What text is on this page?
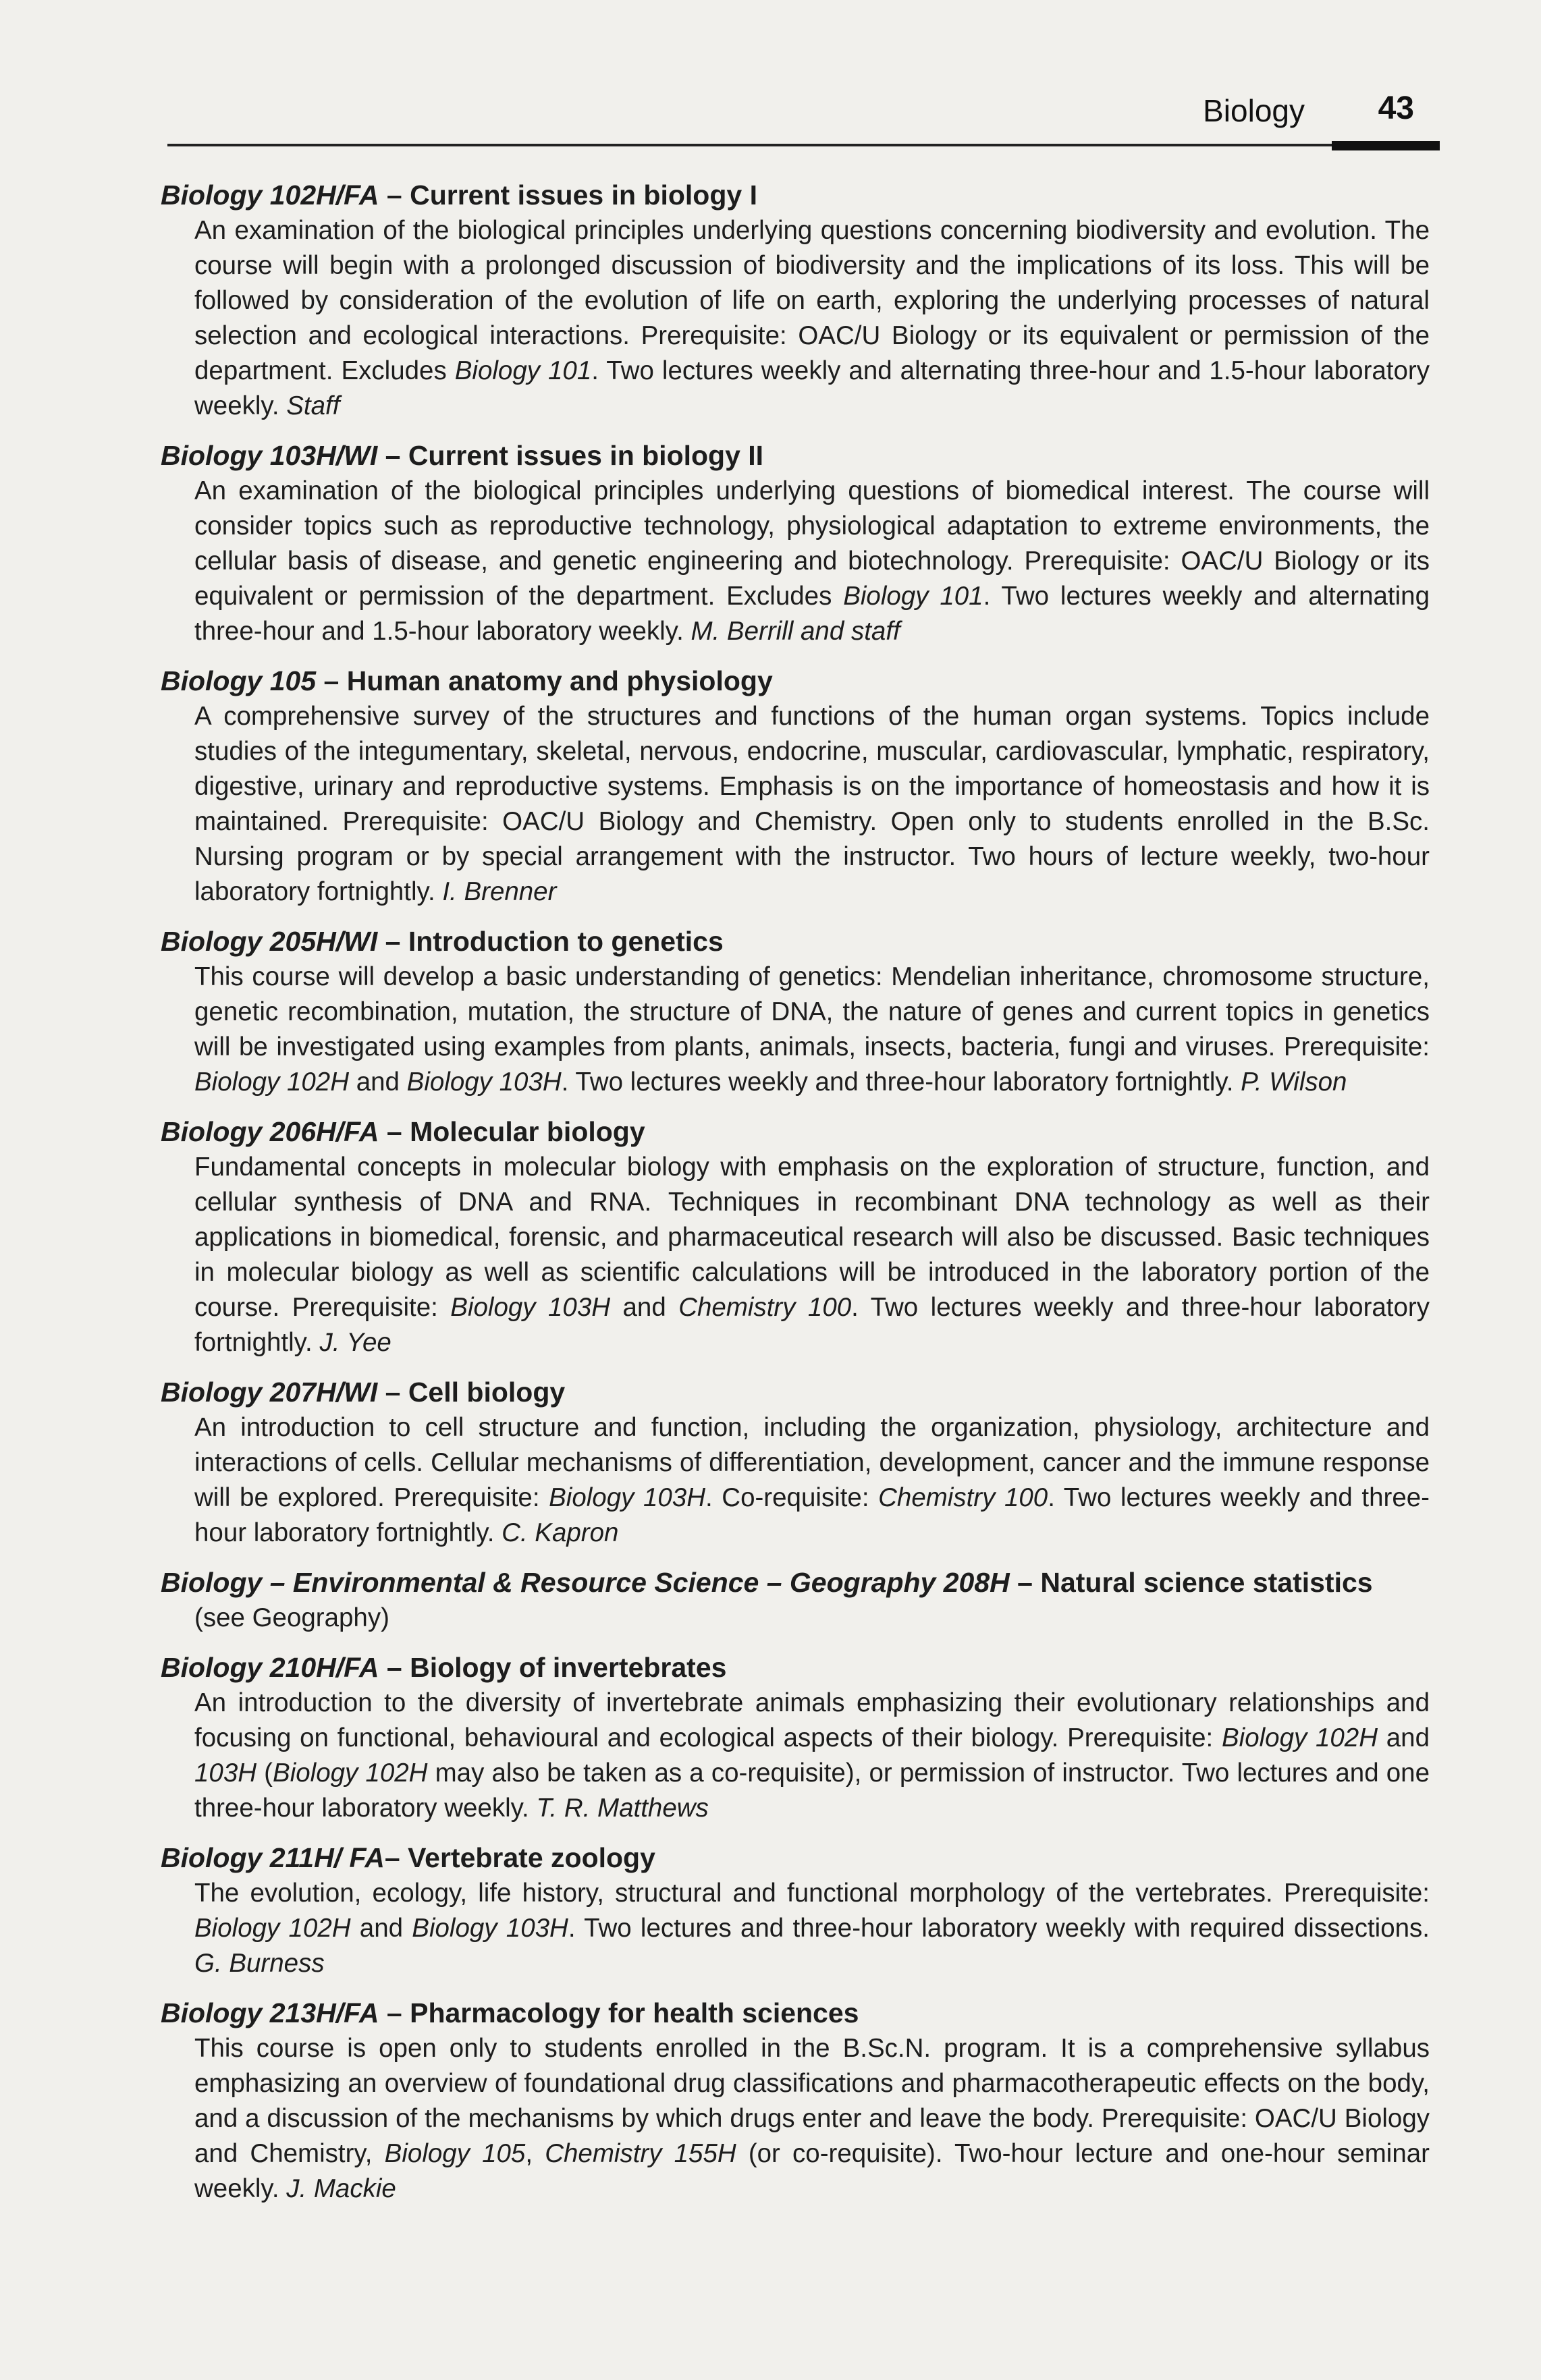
Biology 43

Biology 102H/FA – Current issues in biology I

An examination of the biological principles underlying questions concerning biodiversity and evolution. The course will begin with a prolonged discussion of biodiversity and the implications of its loss. This will be followed by consideration of the evolution of life on earth, exploring the underlying processes of natural selection and ecological interactions. Prerequisite: OAC/U Biology or its equivalent or permission of the department. Excludes Biology 101. Two lectures weekly and alternating three-hour and 1.5-hour laboratory weekly. Staff

Biology 103H/WI – Current issues in biology II

An examination of the biological principles underlying questions of biomedical interest. The course will consider topics such as reproductive technology, physiological adaptation to extreme environments, the cellular basis of disease, and genetic engineering and biotechnology. Prerequisite: OAC/U Biology or its equivalent or permission of the department. Excludes Biology 101. Two lectures weekly and alternating three-hour and 1.5-hour laboratory weekly. M. Berrill and staff

Biology 105 – Human anatomy and physiology

A comprehensive survey of the structures and functions of the human organ systems. Topics include studies of the integumentary, skeletal, nervous, endocrine, muscular, cardiovascular, lymphatic, respiratory, digestive, urinary and reproductive systems. Emphasis is on the importance of homeostasis and how it is maintained. Prerequisite: OAC/U Biology and Chemistry. Open only to students enrolled in the B.Sc. Nursing program or by special arrangement with the instructor. Two hours of lecture weekly, two-hour laboratory fortnightly. I. Brenner

Biology 205H/WI – Introduction to genetics

This course will develop a basic understanding of genetics: Mendelian inheritance, chromosome structure, genetic recombination, mutation, the structure of DNA, the nature of genes and current topics in genetics will be investigated using examples from plants, animals, insects, bacteria, fungi and viruses. Prerequisite: Biology 102H and Biology 103H. Two lectures weekly and three-hour laboratory fortnightly. P. Wilson

Biology 206H/FA – Molecular biology

Fundamental concepts in molecular biology with emphasis on the exploration of structure, function, and cellular synthesis of DNA and RNA. Techniques in recombinant DNA technology as well as their applications in biomedical, forensic, and pharmaceutical research will also be discussed. Basic techniques in molecular biology as well as scientific calculations will be introduced in the laboratory portion of the course. Prerequisite: Biology 103H and Chemistry 100. Two lectures weekly and three-hour laboratory fortnightly. J. Yee

Biology 207H/WI – Cell biology

An introduction to cell structure and function, including the organization, physiology, architecture and interactions of cells. Cellular mechanisms of differentiation, development, cancer and the immune response will be explored. Prerequisite: Biology 103H. Co-requisite: Chemistry 100. Two lectures weekly and three-hour laboratory fortnightly. C. Kapron

Biology – Environmental & Resource Science – Geography 208H – Natural science statistics

(see Geography)

Biology 210H/FA – Biology of invertebrates

An introduction to the diversity of invertebrate animals emphasizing their evolutionary relationships and focusing on functional, behavioural and ecological aspects of their biology. Prerequisite: Biology 102H and 103H (Biology 102H may also be taken as a co-requisite), or permission of instructor. Two lectures and one three-hour laboratory weekly. T. R. Matthews

Biology 211H/ FA– Vertebrate zoology

The evolution, ecology, life history, structural and functional morphology of the vertebrates. Prerequisite: Biology 102H and Biology 103H. Two lectures and three-hour laboratory weekly with required dissections. G. Burness

Biology 213H/FA – Pharmacology for health sciences

This course is open only to students enrolled in the B.Sc.N. program. It is a comprehensive syllabus emphasizing an overview of foundational drug classifications and pharmacotherapeutic effects on the body, and a discussion of the mechanisms by which drugs enter and leave the body. Prerequisite: OAC/U Biology and Chemistry, Biology 105, Chemistry 155H (or co-requisite). Two-hour lecture and one-hour seminar weekly. J. Mackie
